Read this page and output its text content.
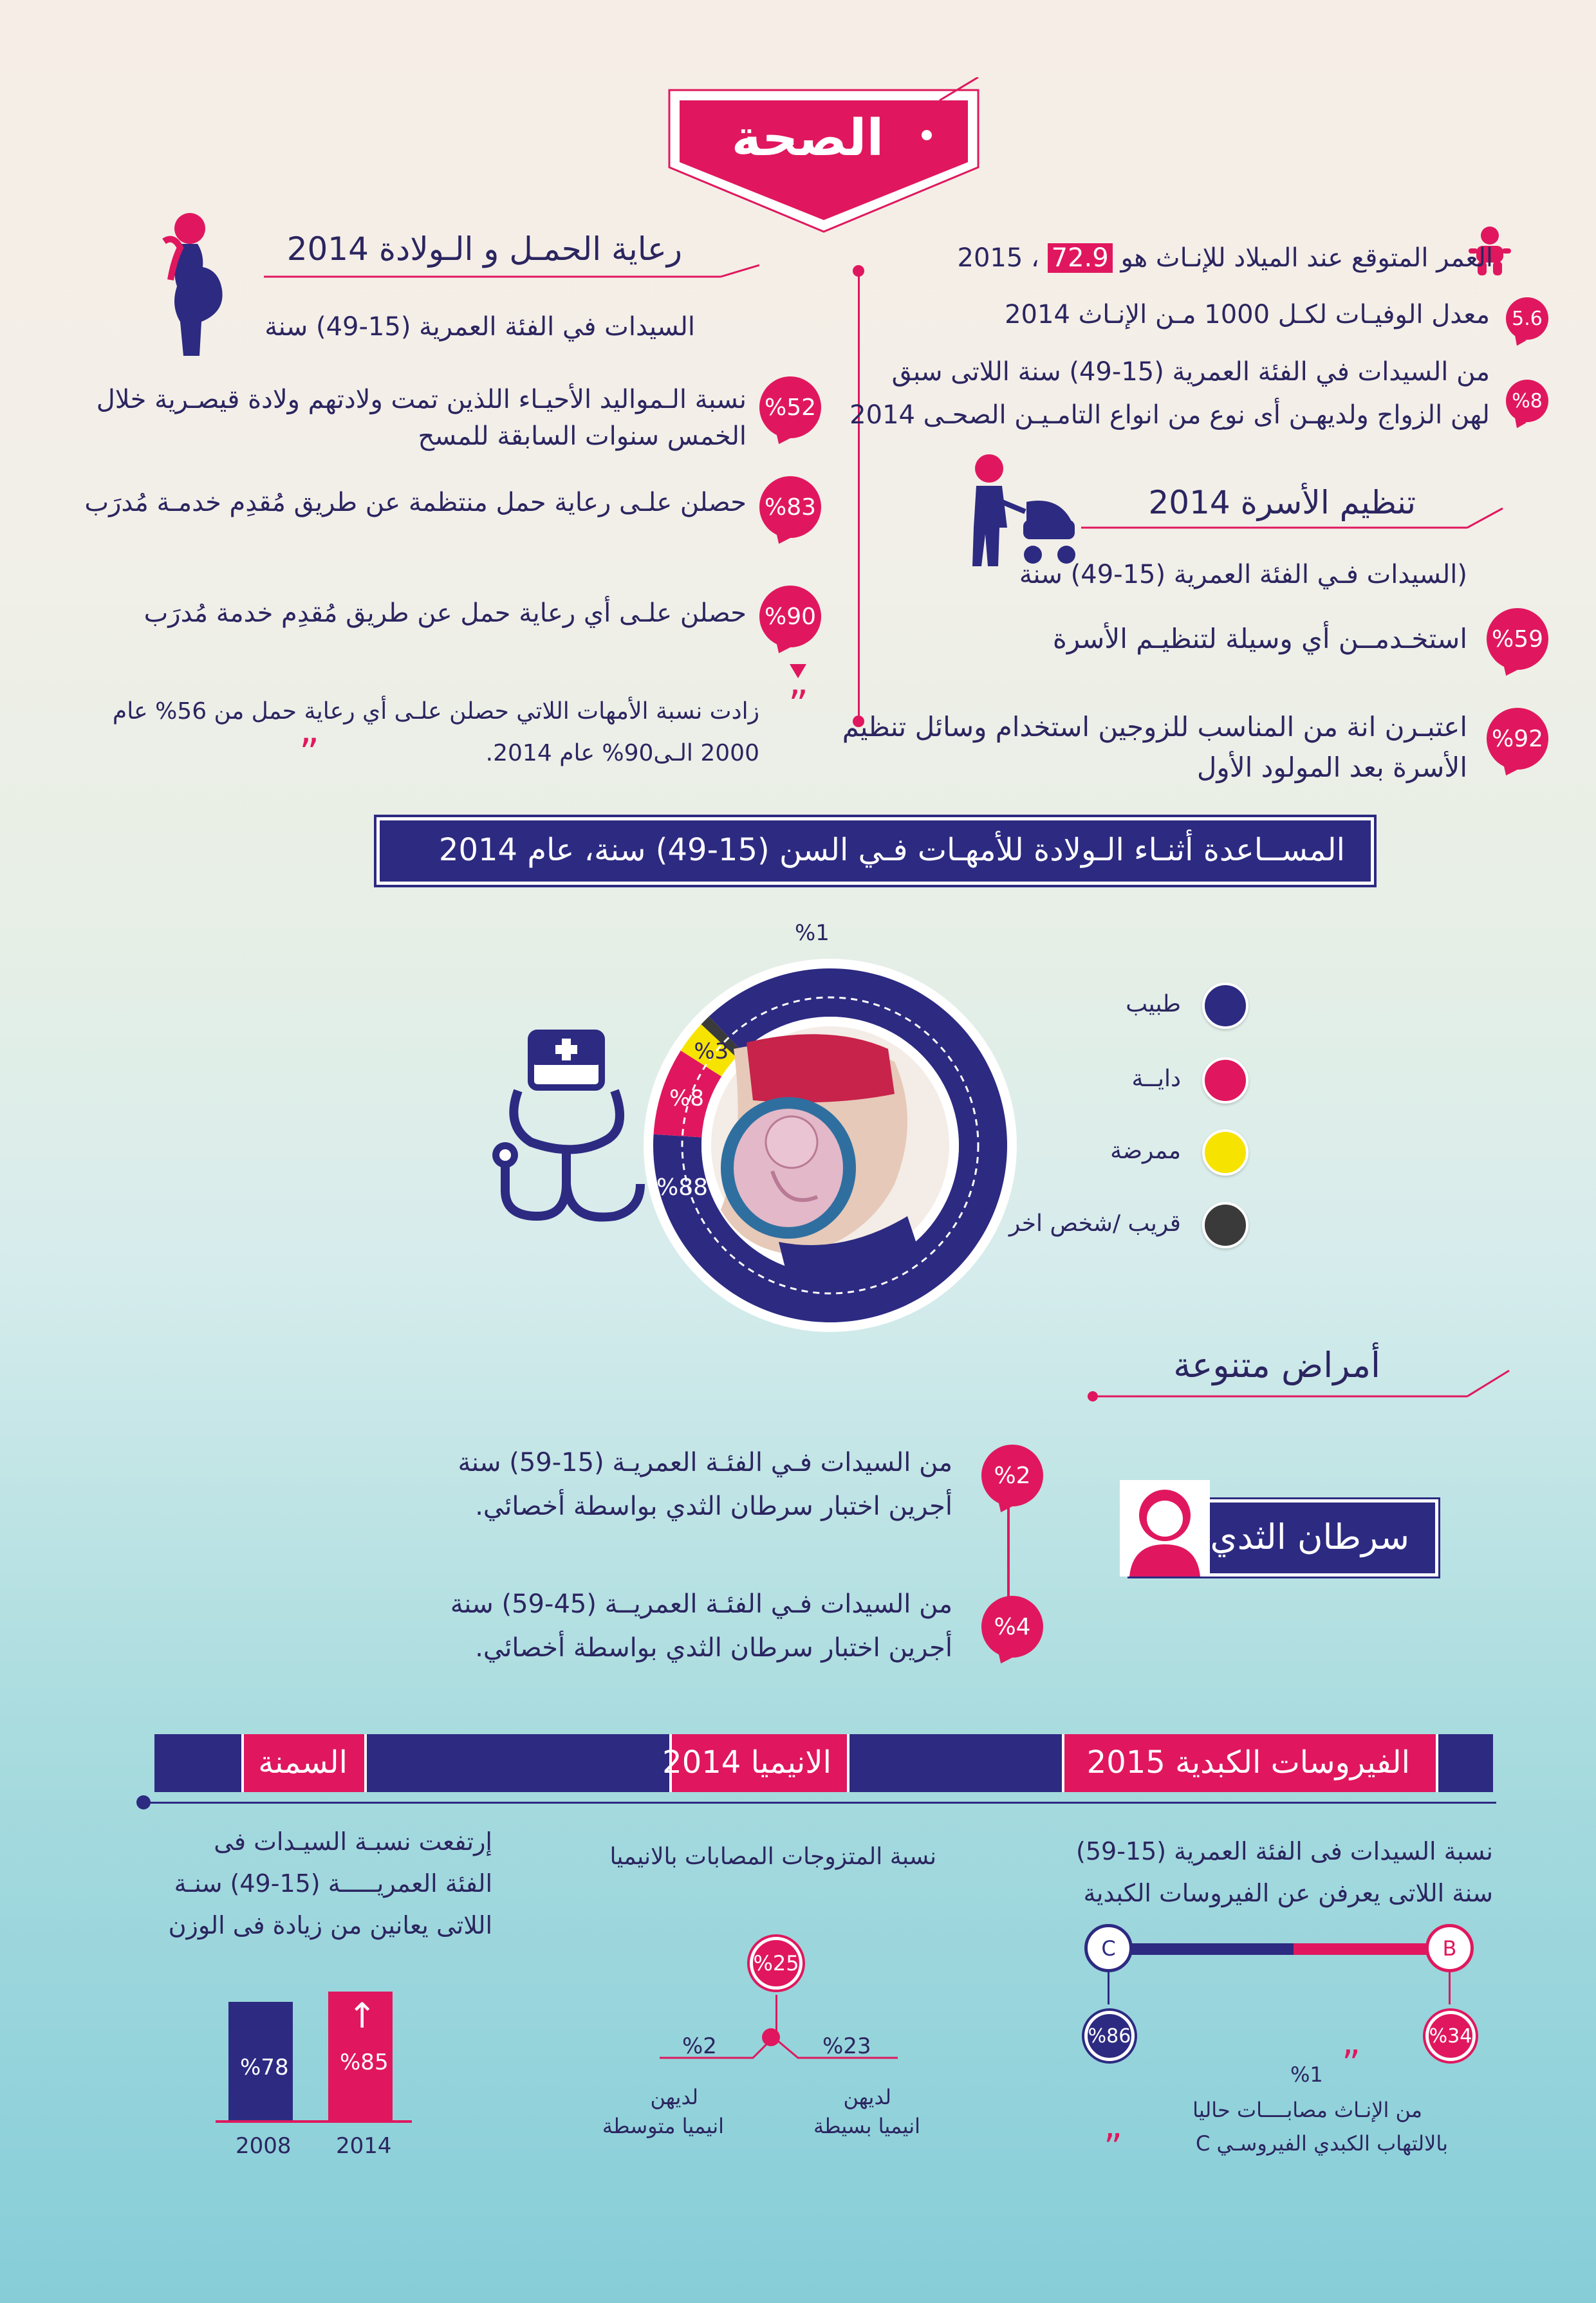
الصحة
العمر المتوقع عند الميلاد للإنـاث هو 72.9 ، 2015
5.6
معدل الوفيـات لكـل 1000 مـن الإنـاث 2014
%8
من السيدات في الفئة العمرية (15-49) سنة اللاتى سبق
لهن الزواج ولديهـن أى نوع من انواع التامـيـن الصحـى 2014
رعاية الحمـل و الـولادة 2014
السيدات في الفئة العمرية (15-49) سنة
%52
نسبة الـمواليد الأحيـاء اللذين تمت ولادتهم ولادة قيصـرية خلال
الخمس سنوات السابقة للمسح
%83
حصلن علـى رعاية حمل منتظمة عن طريق مُقدِم خدمـة مُدرَب
%90
حصلن علـى أي رعاية حمل عن طريق مُقدِم خدمة مُدرَب
”
زادت نسبة الأمهات اللاتي حصلن علـى أي رعاية حمل من 56% عام
2000 الـى90% عام 2014.
”
تنظيم الأسرة 2014
(السيدات فـي الفئة العمرية (15-49) سنة
%59
استخـدمــن أي وسيلة لتنظيـم الأسرة
%92
اعتبـرن انة من المناسب للزوجين استخدام وسائل تنظيم
الأسرة بعد المولود الأول
المســاعدة أثنـاء الـولادة للأمهـات فـي السن (15-49) سنة، عام 2014
%88
%8
%3
%1
طبيب
دايــة
ممرضة
قريب /شخص اخر
أمراض متنوعة
%2
من السيدات فـي الفئـة العمريـة (15-59) سنة
أجرين اختبار سرطان الثدي بواسطة أخصائي.
%4
من السيدات فـي الفئـة العمريــة (45-59) سنة
أجرين اختبار سرطان الثدي بواسطة أخصائي.
سرطان الثدي
الفيروسات الكبدية 2015
الانيميا 2014
السمنة
نسبة السيدات فى الفئة العمرية (15-59)
سنة اللاتى يعرفن عن الفيروسات الكبدية
C	B
%86	%34
”
%1
من الإنـاث مصابــــات حاليا
بالالتهاب الكبدي الفيروسـي C
”
نسبة المتزوجات المصابات بالانيميا
%25
%23
%2
لديهن
انيميا بسيطة
لديهن
انيميا متوسطة
إرتفعت نسبـة السيـدات فى
الفئة العمريـــــة (15-49) سنـة
اللاتى يعانين من زيادة فى الوزن
%85
↑
%78
2014
2008
